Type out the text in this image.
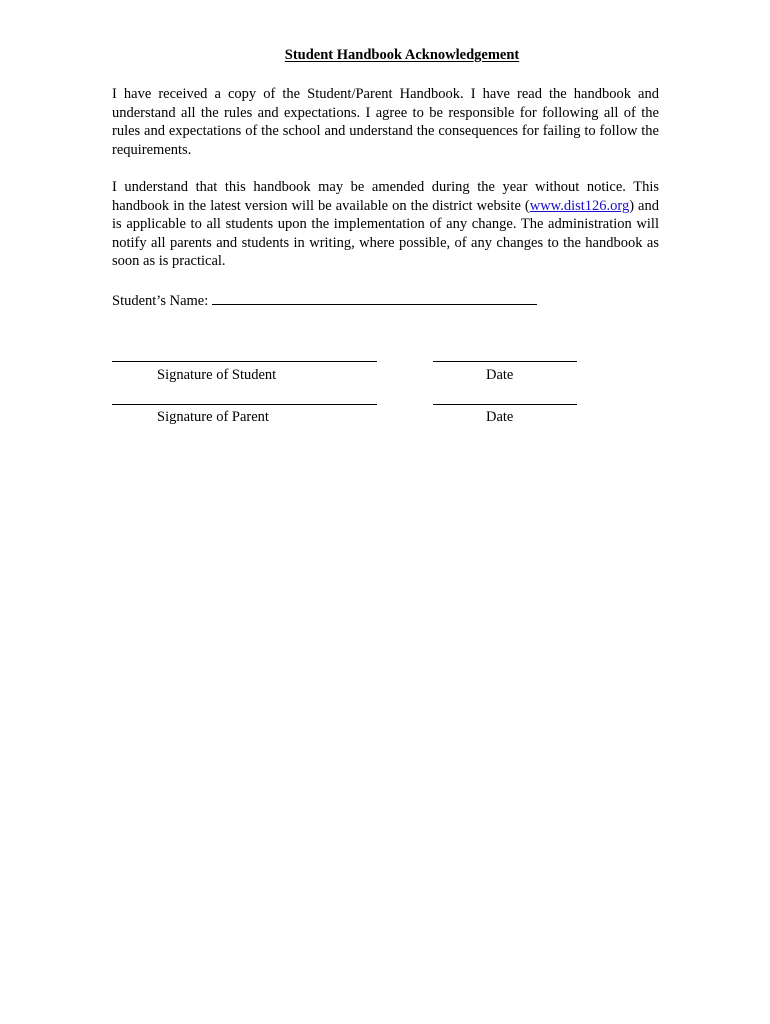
Student Handbook Acknowledgement

I have received a copy of the Student/Parent Handbook. I have read the handbook and understand all the rules and expectations. I agree to be responsible for following all of the rules and expectations of the school and understand the consequences for failing to follow the requirements.

I understand that this handbook may be amended during the year without notice. This handbook in the latest version will be available on the district website (www.dist126.org) and is applicable to all students upon the implementation of any change. The administration will notify all parents and students in writing, where possible, of any changes to the handbook as soon as is practical.

Student’s Name:
Signature of Student	Date
Signature of Parent	Date
